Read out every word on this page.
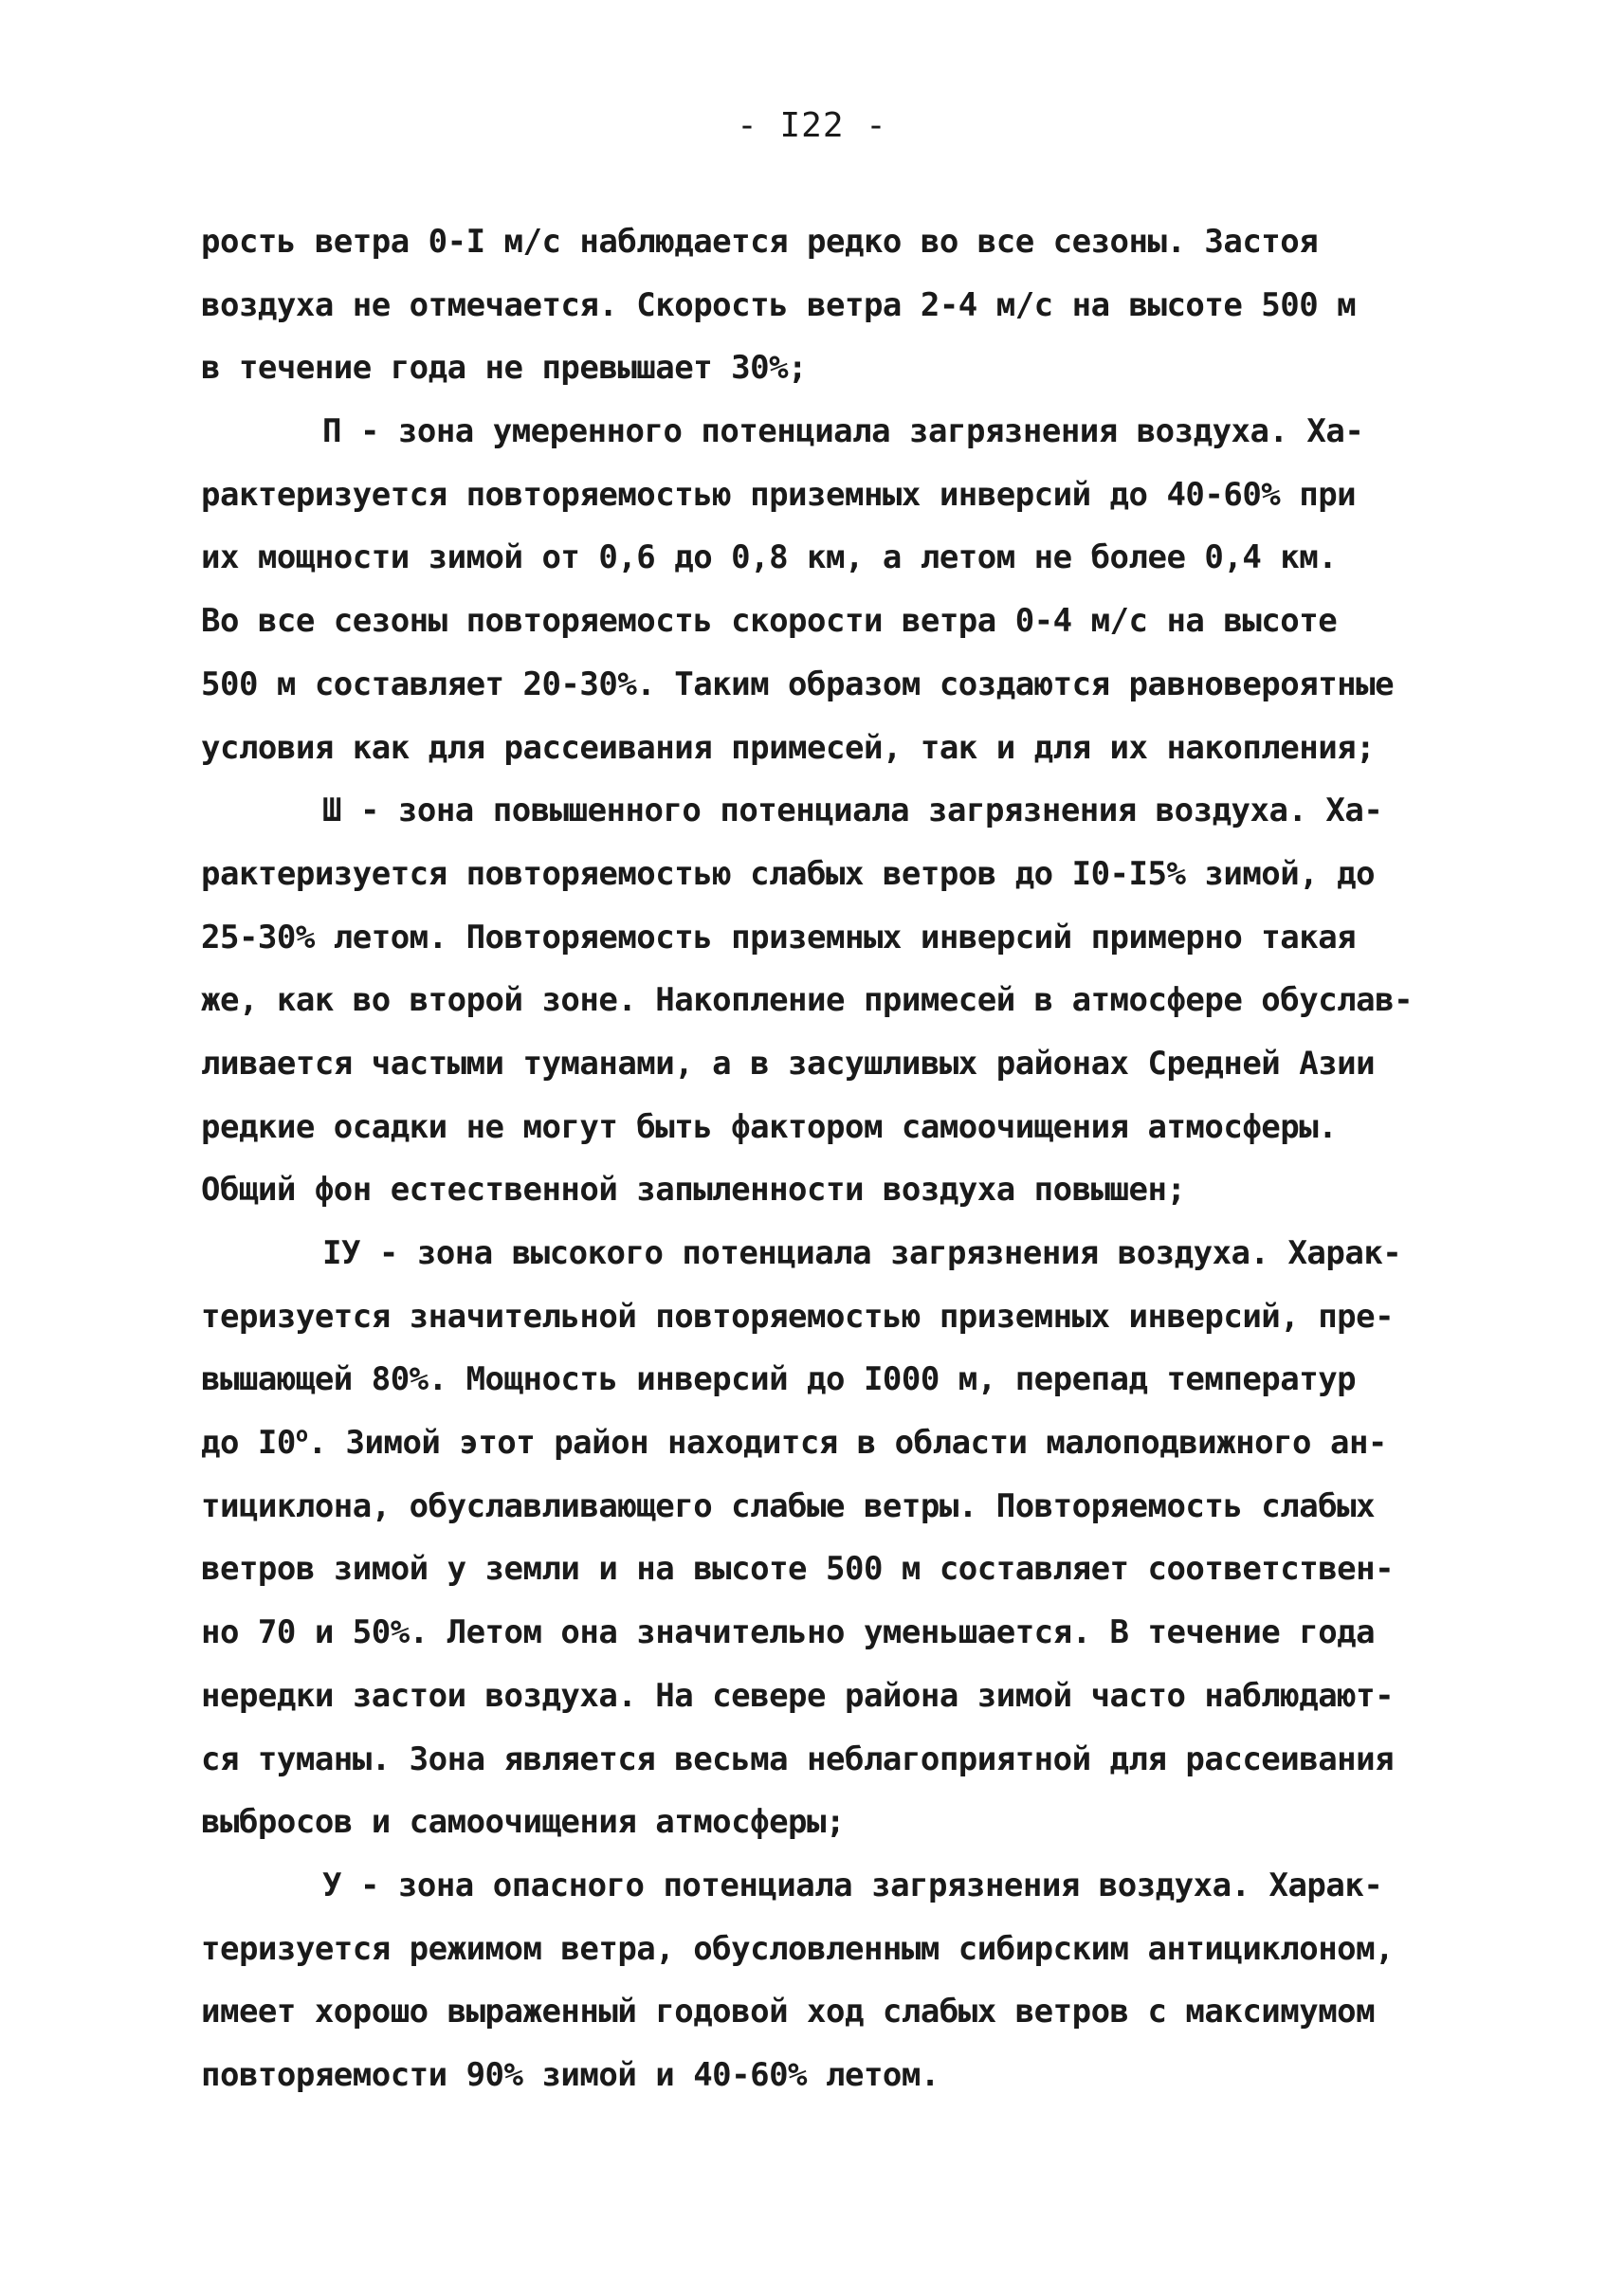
- I22 -
рость ветра 0-I м/с наблюдается редко во все сезоны. Застоя
воздуха не отмечается. Скорость ветра 2-4 м/с на высоте 500 м
в течение года не превышает 30%;
П - зона умеренного потенциала загрязнения воздуха. Ха-
рактеризуется повторяемостью приземных инверсий до 40-60% при
их мощности зимой от 0,6 до 0,8 км, а летом не более 0,4 км.
Во все сезоны повторяемость скорости ветра 0-4 м/с на высоте
500 м составляет 20-30%. Таким образом создаются равновероятные
условия как для рассеивания примесей, так и для их накопления;
Ш - зона повышенного потенциала загрязнения воздуха. Ха-
рактеризуется повторяемостью слабых ветров до I0-I5% зимой, до
25-30% летом. Повторяемость приземных инверсий примерно такая
же, как во второй зоне. Накопление примесей в атмосфере обуслав-
ливается частыми туманами, а в засушливых районах Средней Азии
редкие осадки не могут быть фактором самоочищения атмосферы.
Общий фон естественной запыленности воздуха повышен;
IУ - зона высокого потенциала загрязнения воздуха. Харак-
теризуется значительной повторяемостью приземных инверсий, пре-
вышающей 80%. Мощность инверсий до I000 м, перепад температур
до $I0^о$. Зимой этот район находится в области малоподвижного ан-
тициклона, обуславливающего слабые ветры. Повторяемость слабых
ветров зимой у земли и на высоте 500 м составляет соответствен-
но 70 и 50%. Летом она значительно уменьшается. В течение года
нередки застои воздуха. На севере района зимой часто наблюдают-
ся туманы. Зона является весьма неблагоприятной для рассеивания
выбросов и самоочищения атмосферы;
У - зона опасного потенциала загрязнения воздуха. Харак-
теризуется режимом ветра, обусловленным сибирским антициклоном,
имеет хорошо выраженный годовой ход слабых ветров с максимумом
повторяемости 90% зимой и 40-60% летом.
